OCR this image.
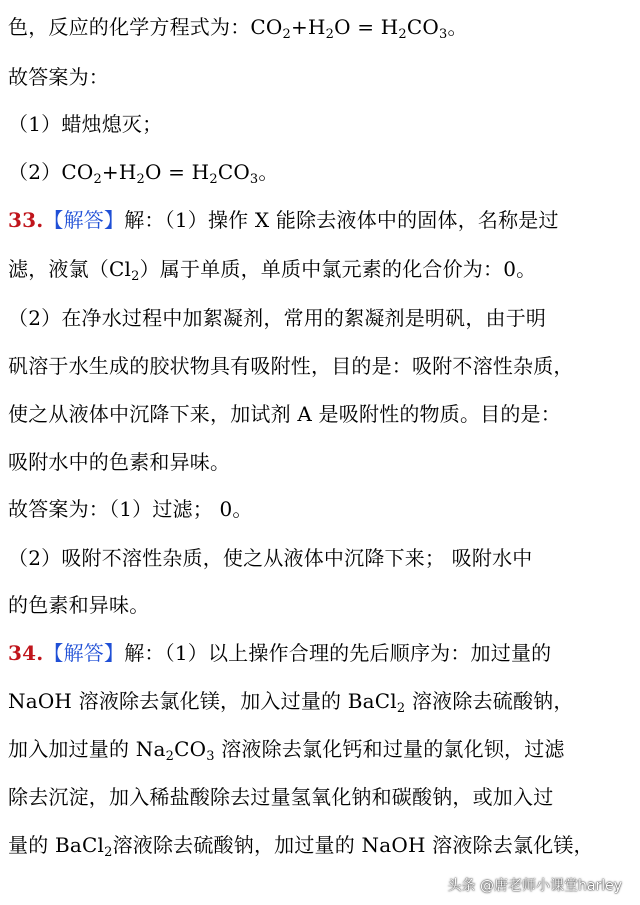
色，反应的化学方程式为：$CO_2+H_2O = H_2CO_3$。
故答案为：
（1）蜡烛熄灭；
$(2)CO_2+H_2O = H_2CO_3$。
33.【解答】解：（1）操作 X 能除去液体中的固体，名称是过
滤，液氯$(Cl_2)$属于单质，单质中氯元素的化合价为：0。
（2）在净水过程中加絮凝剂，常用的絮凝剂是明矾，由于明
矾溶于水生成的胶状物具有吸附性，目的是：吸附不溶性杂质，
使之从液体中沉降下来，加试剂 A 是吸附性的物质。目的是：
吸附水中的色素和异味。
故答案为：（1）过滤； 0。
（2）吸附不溶性杂质，使之从液体中沉降下来； 吸附水中
的色素和异味。
34.【解答】解：（1）以上操作合理的先后顺序为：加过量的
NaOH 溶液除去氯化镁，加入过量的 BaCl$_2$ 溶液除去硫酸钠，
加入加过量的 $Na_2CO_3$ 溶液除去氯化钙和过量的氯化钡，过滤
除去沉淀，加入稀盐酸除去过量氢氧化钠和碳酸钠，或加入过
量的 BaCl$_2$溶液除去硫酸钠，加过量的 NaOH 溶液除去氯化镁，
头条 @唐老师小课堂harley
